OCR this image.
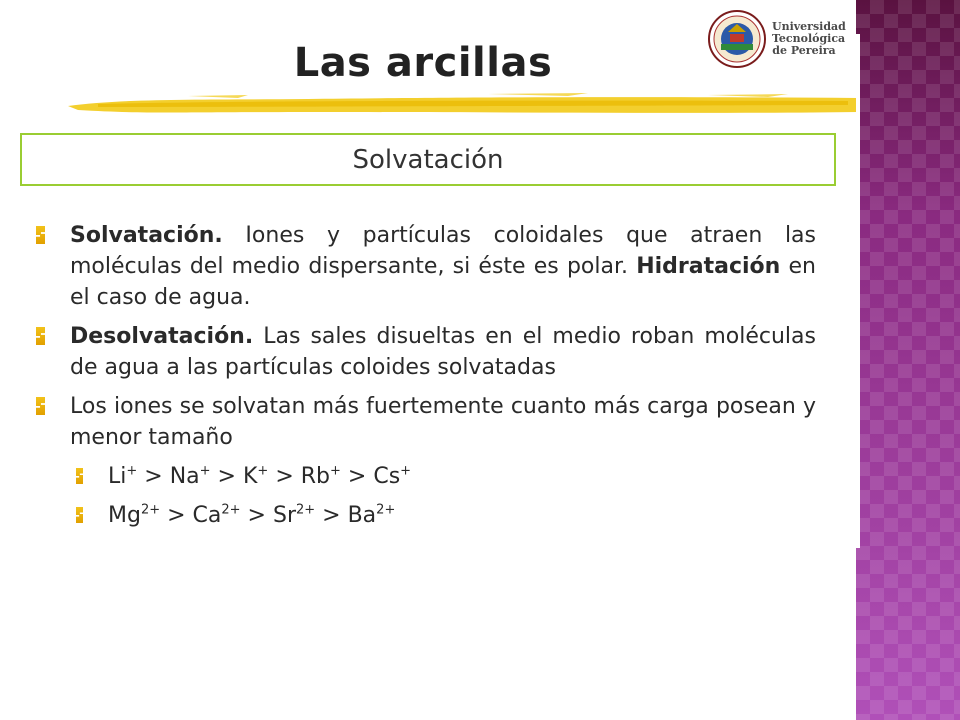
Universidad
Tecnológica
de Pereira
Las arcillas
Solvatación
Solvatación. Iones y partículas coloidales que atraen las moléculas del medio dispersante, si éste es polar. Hidratación en el caso de agua.
Desolvatación. Las sales disueltas en el medio roban moléculas de agua a las partículas coloides solvatadas
Los iones se solvatan más fuertemente cuanto más carga posean y menor tamaño
Li+ > Na+ > K+ > Rb+ > Cs+
$Mg^{2+} > Ca^{2+} > Sr^{2+} > Ba^{2+}$
